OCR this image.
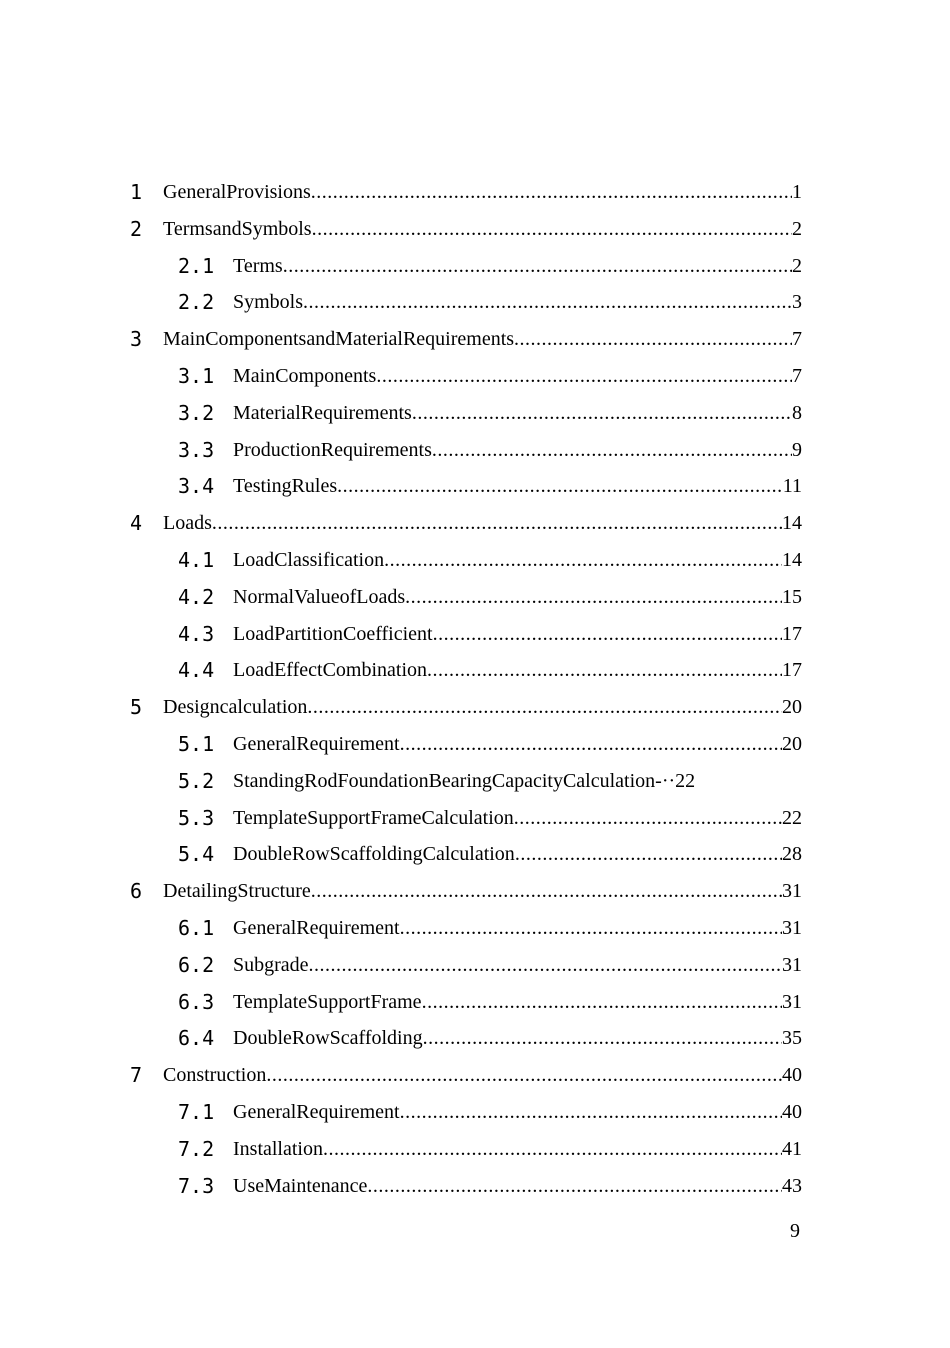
1 GeneralProvisions .....	1
2 TermsandSymbols .....	2
2.1 Terms .....	2
2.2 Symbols .....	3
3 MainComponentsandMaterialRequirements .....	7
3.1 MainComponents .....	7
3.2 MaterialRequirements .....	8
3.3 ProductionRequirements .....	9
3.4 TestingRules .....	11
4 Loads .....	14
4.1 LoadClassification .....	14
4.2 NormalValueofLoads .....	15
4.3 LoadPartitionCoefficient .....	17
4.4 LoadEffectCombination .....	17
5 Designcalculation .....	20
5.1 GeneralRequirement .....	20
5.2 StandingRodFoundationBearingCapacityCalculation-··22
5.3 TemplateSupportFrameCalculation .....	22
5.4 DoubleRowScaffoldingCalculation .....	28
6 DetailingStructure .....	31
6.1 GeneralRequirement .....	31
6.2 Subgrade .....	31
6.3 TemplateSupportFrame .....	31
6.4 DoubleRowScaffolding .....	35
7 Construction .....	40
7.1 GeneralRequirement .....	40
7.2 Installation .....	41
7.3 UseMaintenance .....	43
9
